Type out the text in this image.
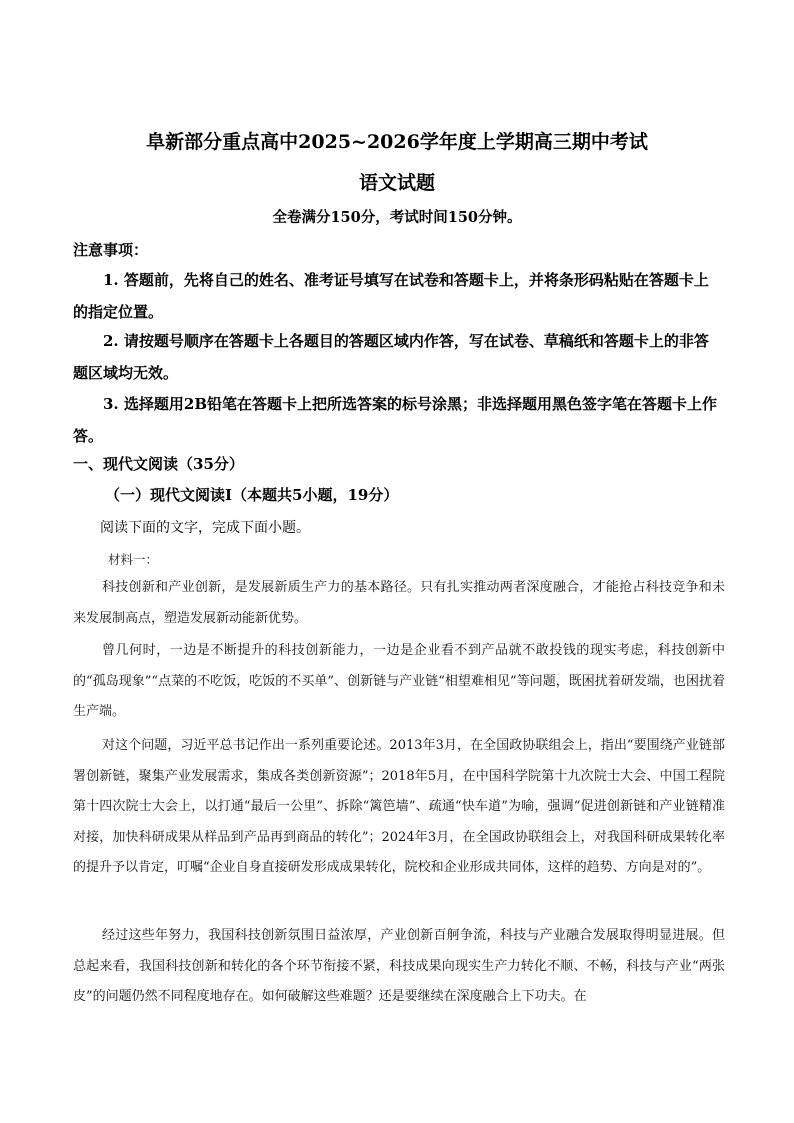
阜新部分重点高中2025~2026学年度上学期高三期中考试
语文试题
全卷满分150分，考试时间150分钟。
注意事项：
1. 答题前，先将自己的姓名、准考证号填写在试卷和答题卡上，并将条形码粘贴在答题卡上的指定位置。
2. 请按题号顺序在答题卡上各题目的答题区域内作答，写在试卷、草稿纸和答题卡上的非答题区域均无效。
3. 选择题用2B铅笔在答题卡上把所选答案的标号涂黑；非选择题用黑色签字笔在答题卡上作答。
一、现代文阅读（35分）
（一）现代文阅读Ⅰ（本题共5小题，19分）
阅读下面的文字，完成下面小题。
材料一：
科技创新和产业创新，是发展新质生产力的基本路径。只有扎实推动两者深度融合，才能抢占科技竞争和未来发展制高点，塑造发展新动能新优势。
曾几何时，一边是不断提升的科技创新能力，一边是企业看不到产品就不敢投钱的现实考虑，科技创新中的“孤岛现象”“点菜的不吃饭，吃饭的不买单”、创新链与产业链“相望难相见”等问题，既困扰着研发端，也困扰着生产端。
对这个问题，习近平总书记作出一系列重要论述。2013年3月，在全国政协联组会上，指出“要围绕产业链部署创新链，聚集产业发展需求，集成各类创新资源”；2018年5月，在中国科学院第十九次院士大会、中国工程院第十四次院士大会上，以打通“最后一公里”、拆除“篱笆墙”、疏通“快车道”为喻，强调“促进创新链和产业链精准对接，加快科研成果从样品到产品再到商品的转化”；2024年3月，在全国政协联组会上，对我国科研成果转化率的提升予以肯定，叮嘱“企业自身直接研发形成成果转化，院校和企业形成共同体，这样的趋势、方向是对的”。
经过这些年努力，我国科技创新氛围日益浓厚，产业创新百舸争流，科技与产业融合发展取得明显进展。但总起来看，我国科技创新和转化的各个环节衔接不紧，科技成果向现实生产力转化不顺、不畅，科技与产业“两张皮”的问题仍然不同程度地存在。如何破解这些难题？还是要继续在深度融合上下功夫。在
